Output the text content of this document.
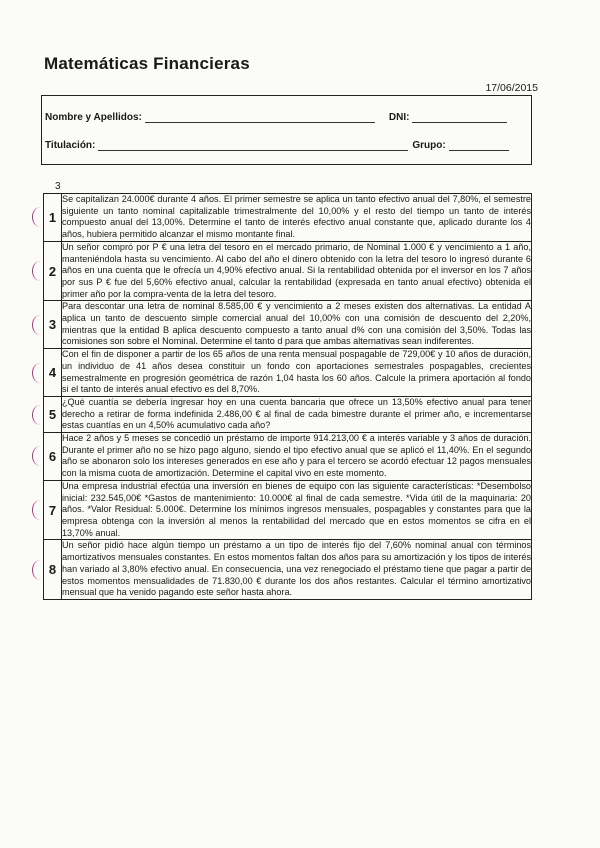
Matemáticas Financieras
17/06/2015
Nombre y Apellidos:	DNI:
Titulación:	Grupo:
3
1	Se capitalizan 24.000€ durante 4 años. El primer semestre se aplica un tanto efectivo anual del 7,80%, el semestre siguiente un tanto nominal capitalizable trimestralmente del 10,00% y el resto del tiempo un tanto de interés compuesto anual del 13,00%. Determine el tanto de interés efectivo anual constante que, aplicado durante los 4 años, hubiera permitido alcanzar el mismo montante final.

2	Un señor compró por P € una letra del tesoro en el mercado primario, de Nominal 1.000 € y vencimiento a 1 año, manteniéndola hasta su vencimiento. Al cabo del año el dinero obtenido con la letra del tesoro lo ingresó durante 6 años en una cuenta que le ofrecía un 4,90% efectivo anual. Si la rentabilidad obtenida por el inversor en los 7 años por sus P € fue del 5,60% efectivo anual, calcular la rentabilidad (expresada en tanto anual efectivo) obtenida el primer año por la compra-venta de la letra del tesoro.

3	Para descontar una letra de nominal 8.585,00 € y vencimiento a 2 meses existen dos alternativas. La entidad A aplica un tanto de descuento simple comercial anual del 10,00% con una comisión de descuento del 2,20%, mientras que la entidad B aplica descuento compuesto a tanto anual d% con una comisión del 3,50%. Todas las comisiones son sobre el Nominal. Determine el tanto d para que ambas alternativas sean indiferentes.

4	Con el fin de disponer a partir de los 65 años de una renta mensual pospagable de 729,00€ y 10 años de duración, un individuo de 41 años desea constituir un fondo con aportaciones semestrales pospagables, crecientes semestralmente en progresión geométrica de razón 1,04 hasta los 60 años. Calcule la primera aportación al fondo si el tanto de interés anual efectivo es del 8,70%.

5	¿Qué cuantía se debería ingresar hoy en una cuenta bancaria que ofrece un 13,50% efectivo anual para tener derecho a retirar de forma indefinida 2.486,00 € al final de cada bimestre durante el primer año, e incrementarse estas cuantías en un 4,50% acumulativo cada año?

6	Hace 2 años y 5 meses se concedió un préstamo de importe 914.213,00 € a interés variable y 3 años de duración. Durante el primer año no se hizo pago alguno, siendo el tipo efectivo anual que se aplicó el 11,40%. En el segundo año se abonaron solo los intereses generados en ese año y para el tercero se acordó efectuar 12 pagos mensuales con la misma cuota de amortización. Determine el capital vivo en este momento.

7	Una empresa industrial efectúa una inversión en bienes de equipo con las siguiente características: *Desembolso inicial: 232.545,00€ *Gastos de mantenimiento: 10.000€ al final de cada semestre. *Vida útil de la maquinaria: 20 años. *Valor Residual: 5.000€. Determine los mínimos ingresos mensuales, pospagables y constantes para que la empresa obtenga con la inversión al menos la rentabilidad del mercado que en estos momentos se cifra en el 13,70% anual.

8	Un señor pidió hace algún tiempo un préstamo a un tipo de interés fijo del 7,60% nominal anual con términos amortizativos mensuales constantes. En estos momentos faltan dos años para su amortización y los tipos de interés han variado al 3,80% efectivo anual. En consecuencia, una vez renegociado el préstamo tiene que pagar a partir de estos momentos mensualidades de 71.830,00 € durante los dos años restantes. Calcular el término amortizativo mensual que ha venido pagando este señor hasta ahora.
